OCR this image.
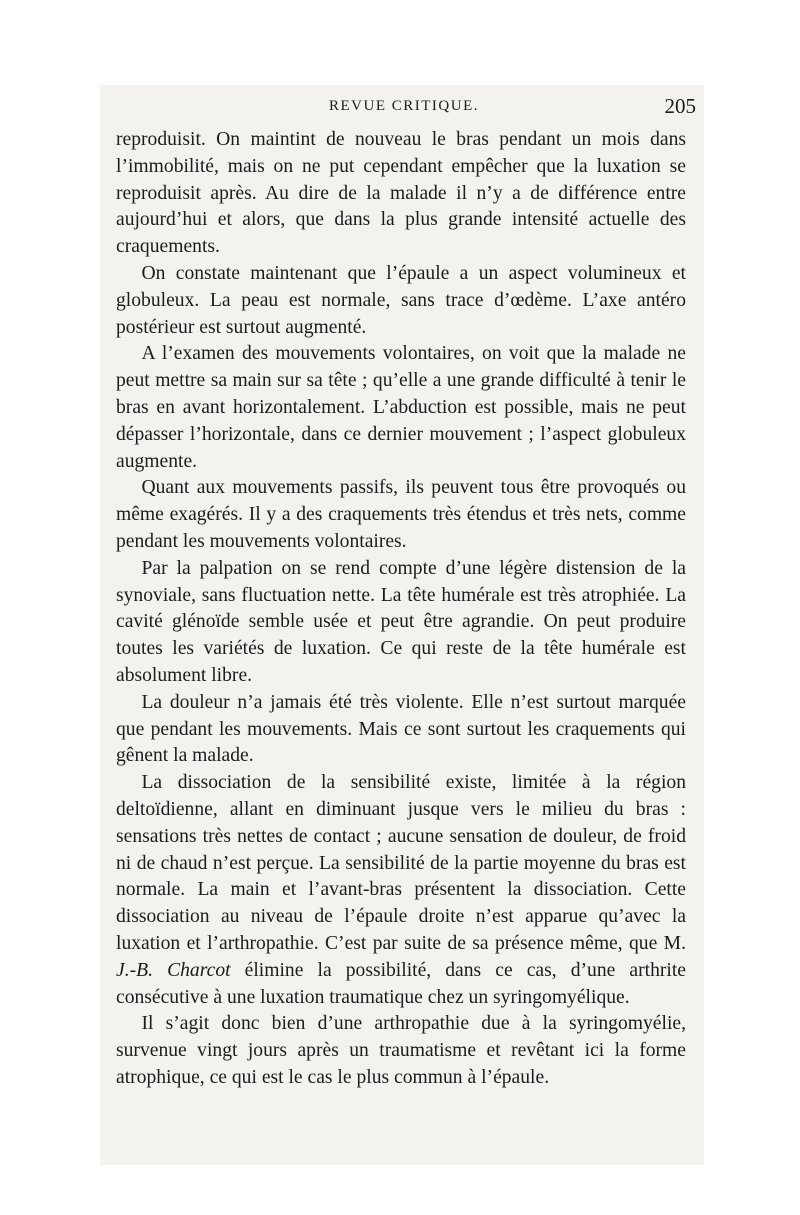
REVUE CRITIQUE.	205

reproduisit. On maintint de nouveau le bras pendant un mois dans l’immobilité, mais on ne put cependant empêcher que la luxation se reproduisit après. Au dire de la malade il n’y a de différence entre aujourd’hui et alors, que dans la plus grande intensité actuelle des craquements.

On constate maintenant que l’épaule a un aspect volumineux et globuleux. La peau est normale, sans trace d’œdème. L’axe antéro postérieur est surtout augmenté.

A l’examen des mouvements volontaires, on voit que la malade ne peut mettre sa main sur sa tête ; qu’elle a une grande difficulté à tenir le bras en avant horizontalement. L’abduction est possible, mais ne peut dépasser l’horizontale, dans ce dernier mouvement ; l’aspect globuleux augmente.

Quant aux mouvements passifs, ils peuvent tous être provoqués ou même exagérés. Il y a des craquements très étendus et très nets, comme pendant les mouvements volontaires.

Par la palpation on se rend compte d’une légère distension de la synoviale, sans fluctuation nette. La tête humérale est très atrophiée. La cavité glénoïde semble usée et peut être agrandie. On peut produire toutes les variétés de luxation. Ce qui reste de la tête humérale est absolument libre.

La douleur n’a jamais été très violente. Elle n’est surtout marquée que pendant les mouvements. Mais ce sont surtout les craquements qui gênent la malade.

La dissociation de la sensibilité existe, limitée à la région deltoïdienne, allant en diminuant jusque vers le milieu du bras : sensations très nettes de contact ; aucune sensation de douleur, de froid ni de chaud n’est perçue. La sensibilité de la partie moyenne du bras est normale. La main et l’avant-bras présentent la dissociation. Cette dissociation au niveau de l’épaule droite n’est apparue qu’avec la luxation et l’arthropathie. C’est par suite de sa présence même, que M. J.-B. Charcot élimine la possibilité, dans ce cas, d’une arthrite consécutive à une luxation traumatique chez un syringomyélique.

Il s’agit donc bien d’une arthropathie due à la syringomyélie, survenue vingt jours après un traumatisme et revêtant ici la forme atrophique, ce qui est le cas le plus commun à l’épaule.
